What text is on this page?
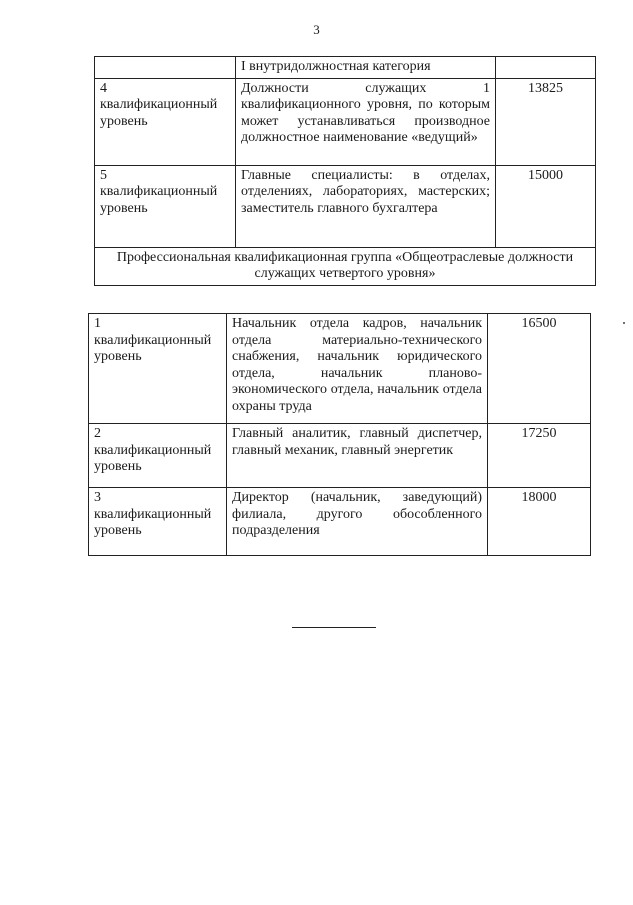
3
	I внутридолжностная категория	

4
квалификационный
уровень	Должности служащих 1 квалификационного уровня, по которым может устанавливаться производное должностное наименование «ведущий»	13825

5
квалификационный
уровень	Главные специалисты: в отделах, отделениях, лабораториях, мастерских; заместитель главного бухгалтера	15000
Профессиональная квалификационная группа «Общеотраслевые должности служащих четвертого уровня»		
1
квалификационный
уровень	Начальник отдела кадров, начальник отдела материально-технического снабжения, начальник юридического отдела, начальник планово-экономического отдела, начальник отдела охраны труда	16500

2
квалификационный
уровень	Главный аналитик, главный диспетчер, главный механик, главный энергетик	17250

3
квалификационный
уровень	Директор (начальник, заведующий) филиала, другого обособленного подразделения	18000
